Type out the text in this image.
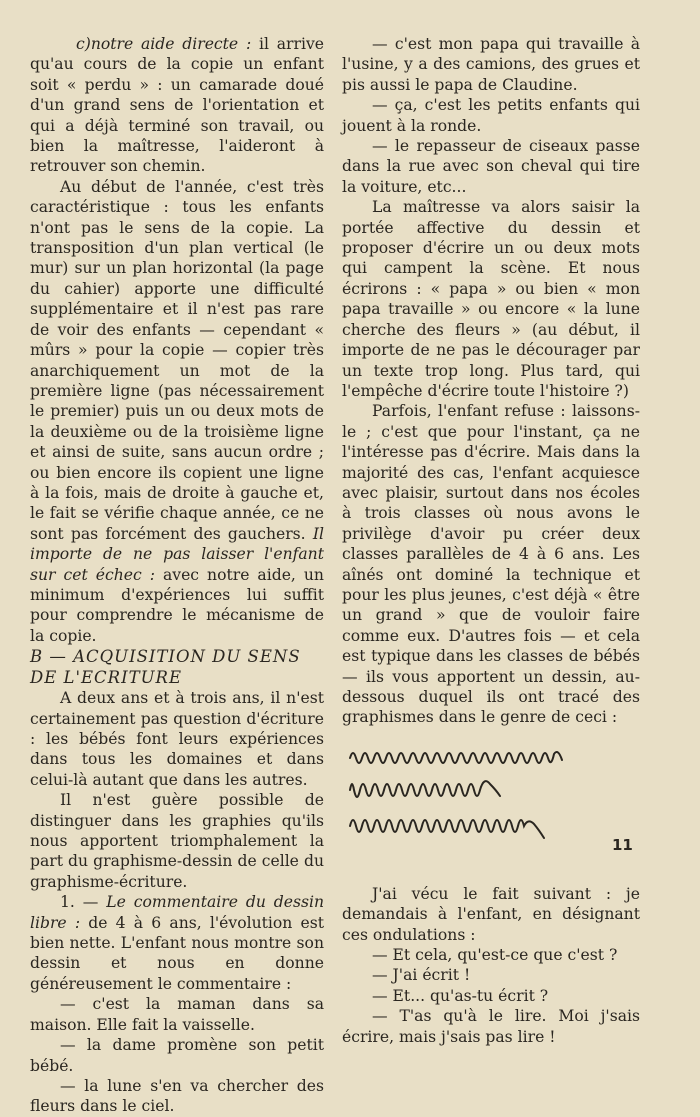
c)notre aide directe : il arrive qu'au cours de la copie un enfant soit « perdu » : un camarade doué d'un grand sens de l'orientation et qui a déjà terminé son travail, ou bien la maîtresse, l'aideront à retrouver son chemin.

Au début de l'année, c'est très caractéristique : tous les enfants n'ont pas le sens de la copie. La transposition d'un plan vertical (le mur) sur un plan horizontal (la page du cahier) apporte une difficulté supplémentaire et il n'est pas rare de voir des enfants — cependant « mûrs » pour la copie — copier très anarchiquement un mot de la première ligne (pas nécessairement le premier) puis un ou deux mots de la deuxième ou de la troisième ligne et ainsi de suite, sans aucun ordre ; ou bien encore ils copient une ligne à la fois, mais de droite à gauche et, le fait se vérifie chaque année, ce ne sont pas forcément des gauchers. Il importe de ne pas laisser l'enfant sur cet échec : avec notre aide, un minimum d'expériences lui suffit pour comprendre le mécanisme de la copie.

B — ACQUISITION DU SENS DE L'ECRITURE

A deux ans et à trois ans, il n'est certainement pas question d'écriture : les bébés font leurs expériences dans tous les domaines et dans celui-là autant que dans les autres.

Il n'est guère possible de distinguer dans les graphies qu'ils nous apportent triomphalement la part du graphisme-dessin de celle du graphisme-écriture.

1. — Le commentaire du dessin libre : de 4 à 6 ans, l'évolution est bien nette. L'enfant nous montre son dessin et nous en donne généreusement le commentaire :

— c'est la maman dans sa maison. Elle fait la vaisselle.

— la dame promène son petit bébé.

— la lune s'en va chercher des fleurs dans le ciel.

— c'est mon papa qui travaille à l'usine, y a des camions, des grues et pis aussi le papa de Claudine.

— ça, c'est les petits enfants qui jouent à la ronde.

— le repasseur de ciseaux passe dans la rue avec son cheval qui tire la voiture, etc...

La maîtresse va alors saisir la portée affective du dessin et proposer d'écrire un ou deux mots qui campent la scène. Et nous écrirons : « papa » ou bien « mon papa travaille » ou encore « la lune cherche des fleurs » (au début, il importe de ne pas le décourager par un texte trop long. Plus tard, qui l'empêche d'écrire toute l'histoire ?)

Parfois, l'enfant refuse : laissons-le ; c'est que pour l'instant, ça ne l'intéresse pas d'écrire. Mais dans la majorité des cas, l'enfant acquiesce avec plaisir, surtout dans nos écoles à trois classes où nous avons le privilège d'avoir pu créer deux classes parallèles de 4 à 6 ans. Les aînés ont dominé la technique et pour les plus jeunes, c'est déjà « être un grand » que de vouloir faire comme eux. D'autres fois — et cela est typique dans les classes de bébés — ils vous apportent un dessin, au-dessous duquel ils ont tracé des graphismes dans le genre de ceci :

J'ai vécu le fait suivant : je demandais à l'enfant, en désignant ces ondulations :

— Et cela, qu'est-ce que c'est ?

— J'ai écrit !

— Et... qu'as-tu écrit ?

— T'as qu'à le lire. Moi j'sais écrire, mais j'sais pas lire !

11
